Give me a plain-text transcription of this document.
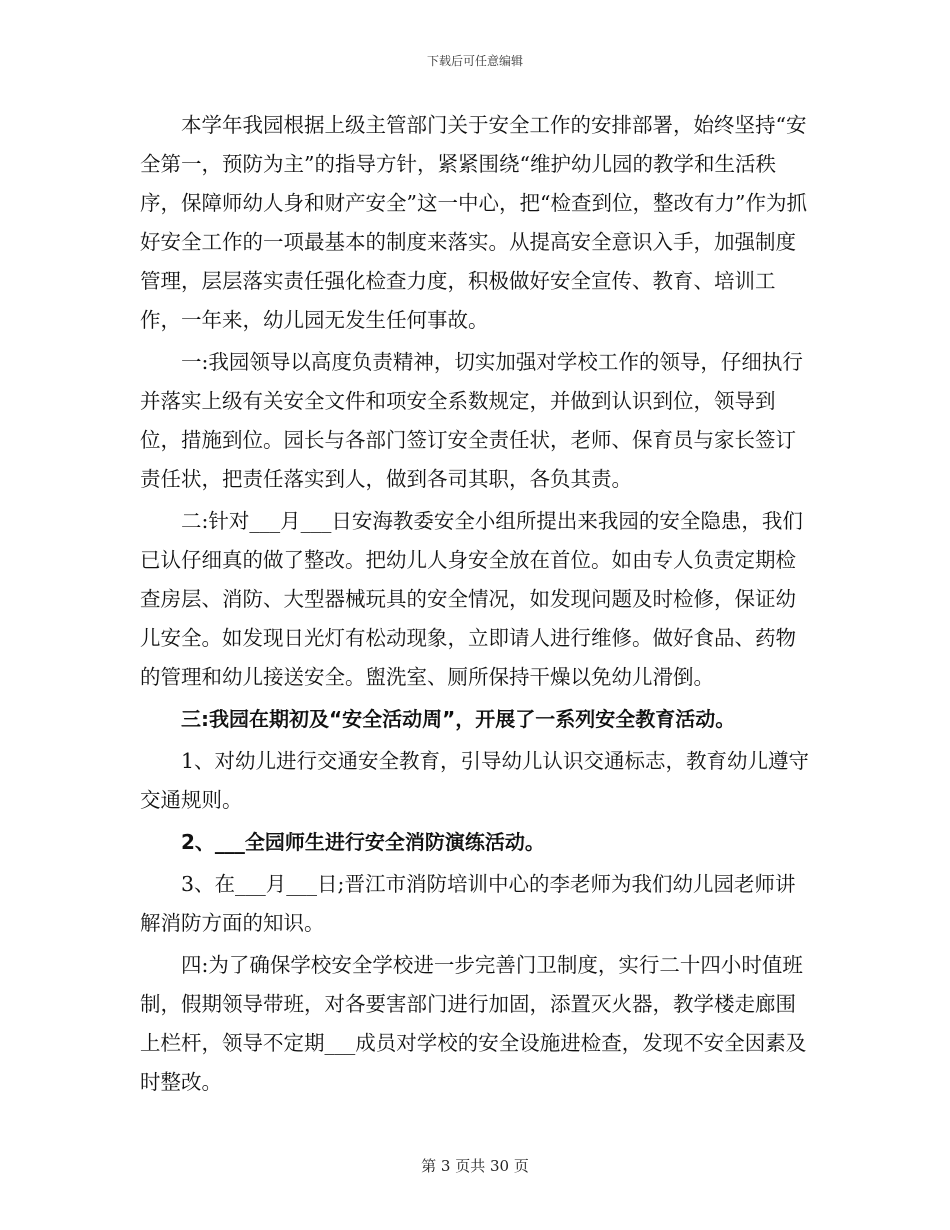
下载后可任意编辑

本学年我园根据上级主管部门关于安全工作的安排部署，始终坚持“安全第一，预防为主”的指导方针，紧紧围绕“维护幼儿园的教学和生活秩序，保障师幼人身和财产安全”这一中心，把“检查到位，整改有力”作为抓好安全工作的一项最基本的制度来落实。从提高安全意识入手，加强制度管理，层层落实责任强化检查力度，积极做好安全宣传、教育、培训工作，一年来，幼儿园无发生任何事故。

一:我园领导以高度负责精神，切实加强对学校工作的领导，仔细执行并落实上级有关安全文件和项安全系数规定，并做到认识到位，领导到位，措施到位。园长与各部门签订安全责任状，老师、保育员与家长签订责任状，把责任落实到人，做到各司其职，各负其责。

二:针对___月___日安海教委安全小组所提出来我园的安全隐患，我们已认仔细真的做了整改。把幼儿人身安全放在首位。如由专人负责定期检查房层、消防、大型器械玩具的安全情况，如发现问题及时检修，保证幼儿安全。如发现日光灯有松动现象，立即请人进行维修。做好食品、药物的管理和幼儿接送安全。盥洗室、厕所保持干燥以免幼儿滑倒。

三:我园在期初及“安全活动周”，开展了一系列安全教育活动。

1、对幼儿进行交通安全教育，引导幼儿认识交通标志，教育幼儿遵守交通规则。

2、___全园师生进行安全消防演练活动。

3、在___月___日;晋江市消防培训中心的李老师为我们幼儿园老师讲解消防方面的知识。

四:为了确保学校安全学校进一步完善门卫制度，实行二十四小时值班制，假期领导带班，对各要害部门进行加固，添置灭火器，教学楼走廊围上栏杆，领导不定期___成员对学校的安全设施进检查，发现不安全因素及时整改。

第 3 页共 30 页
